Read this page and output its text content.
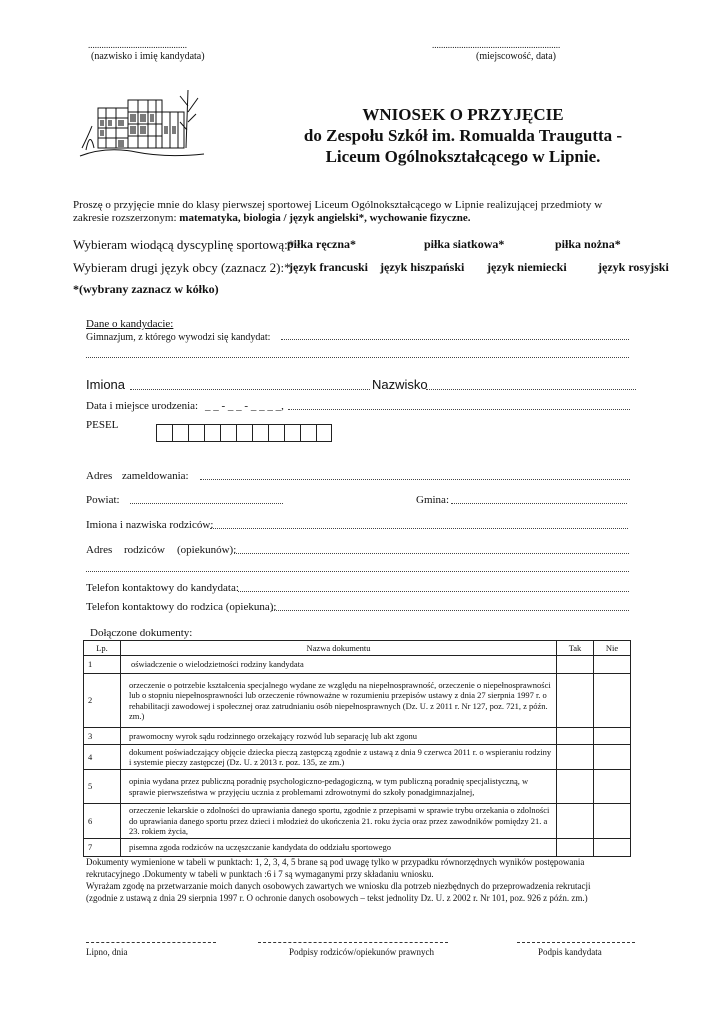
............................................
(nazwisko i imię kandydata)
.........................................................
(miejscowość, data)
WNIOSEK O PRZYJĘCIE
do Zespołu Szkół im. Romualda Traugutta -
Liceum Ogólnokształcącego w Lipnie.
Proszę o przyjęcie mnie do klasy pierwszej sportowej Liceum Ogólnokształcącego w Lipnie realizującej przedmioty w
zakresie rozszerzonym: matematyka, biologia / język angielski*, wychowanie fizyczne.
Wybieram wiodącą dyscyplinę sportową:*
piłka ręczna*	piłka siatkowa*	piłka nożna*
Wybieram drugi język obcy (zaznacz 2):*
język francuski język hiszpański język niemiecki	język rosyjski
*(wybrany zaznacz w kółko)
Dane o kandydacie:
Gimnazjum, z którego wywodzi się kandydat:
Imiona	Nazwisko
Data i miejsce urodzenia: _ _ - _ _ - _ _ _ _,
PESEL
Adres zameldowania:
Powiat:	Gmina:
Imiona i nazwiska rodziców:
Adres rodziców (opiekunów):
Telefon kontaktowy do kandydata:
Telefon kontaktowy do rodzica (opiekuna):
Dołączone dokumenty:
Lp.	Nazwa dokumentu	Tak	Nie
1	oświadczenie o wielodzietności rodziny kandydata		
2	orzeczenie o potrzebie kształcenia specjalnego wydane ze względu na niepełnosprawność, orzeczenie o niepełnosprawności lub o stopniu niepełnosprawności lub orzeczenie równoważne w rozumieniu przepisów ustawy z dnia 27 sierpnia 1997 r. o rehabilitacji zawodowej i społecznej oraz zatrudnianiu osób niepełnosprawnych (Dz. U. z 2011 r. Nr 127, poz. 721, z późn. zm.)		
3	prawomocny wyrok sądu rodzinnego orzekający rozwód lub separację lub akt zgonu		
4	dokument poświadczający objęcie dziecka pieczą zastępczą zgodnie z ustawą z dnia 9 czerwca 2011 r. o wspieraniu rodziny i systemie pieczy zastępczej (Dz. U. z 2013 r. poz. 135, ze zm.)		
5	opinia wydana przez publiczną poradnię psychologiczno-pedagogiczną, w tym publiczną poradnię specjalistyczną, w sprawie pierwszeństwa w przyjęciu ucznia z problemami zdrowotnymi do szkoły ponadgimnazjalnej,		
6	orzeczenie lekarskie o zdolności do uprawiania danego sportu, zgodnie z przepisami w sprawie trybu orzekania o zdolności do uprawiania danego sportu przez dzieci i młodzież do ukończenia 21. roku życia oraz przez zawodników pomiędzy 21. a 23. rokiem życia,		
7	pisemna zgoda rodziców na uczęszczanie kandydata do oddziału sportowego		
Dokumenty wymienione w tabeli w punktach: 1, 2, 3, 4, 5 brane są pod uwagę tylko w przypadku równorzędnych wyników postępowania
rekrutacyjnego .Dokumenty w tabeli w punktach :6 i 7 są wymaganymi przy składaniu wniosku.
Wyrażam zgodę na przetwarzanie moich danych osobowych zawartych we wniosku dla potrzeb niezbędnych do przeprowadzenia rekrutacji
(zgodnie z ustawą z dnia 29 sierpnia 1997 r. O ochronie danych osobowych – tekst jednolity Dz. U. z 2002 r. Nr 101, poz. 926 z późn. zm.)
Lipno, dnia	Podpisy rodziców/opiekunów prawnych	Podpis kandydata
